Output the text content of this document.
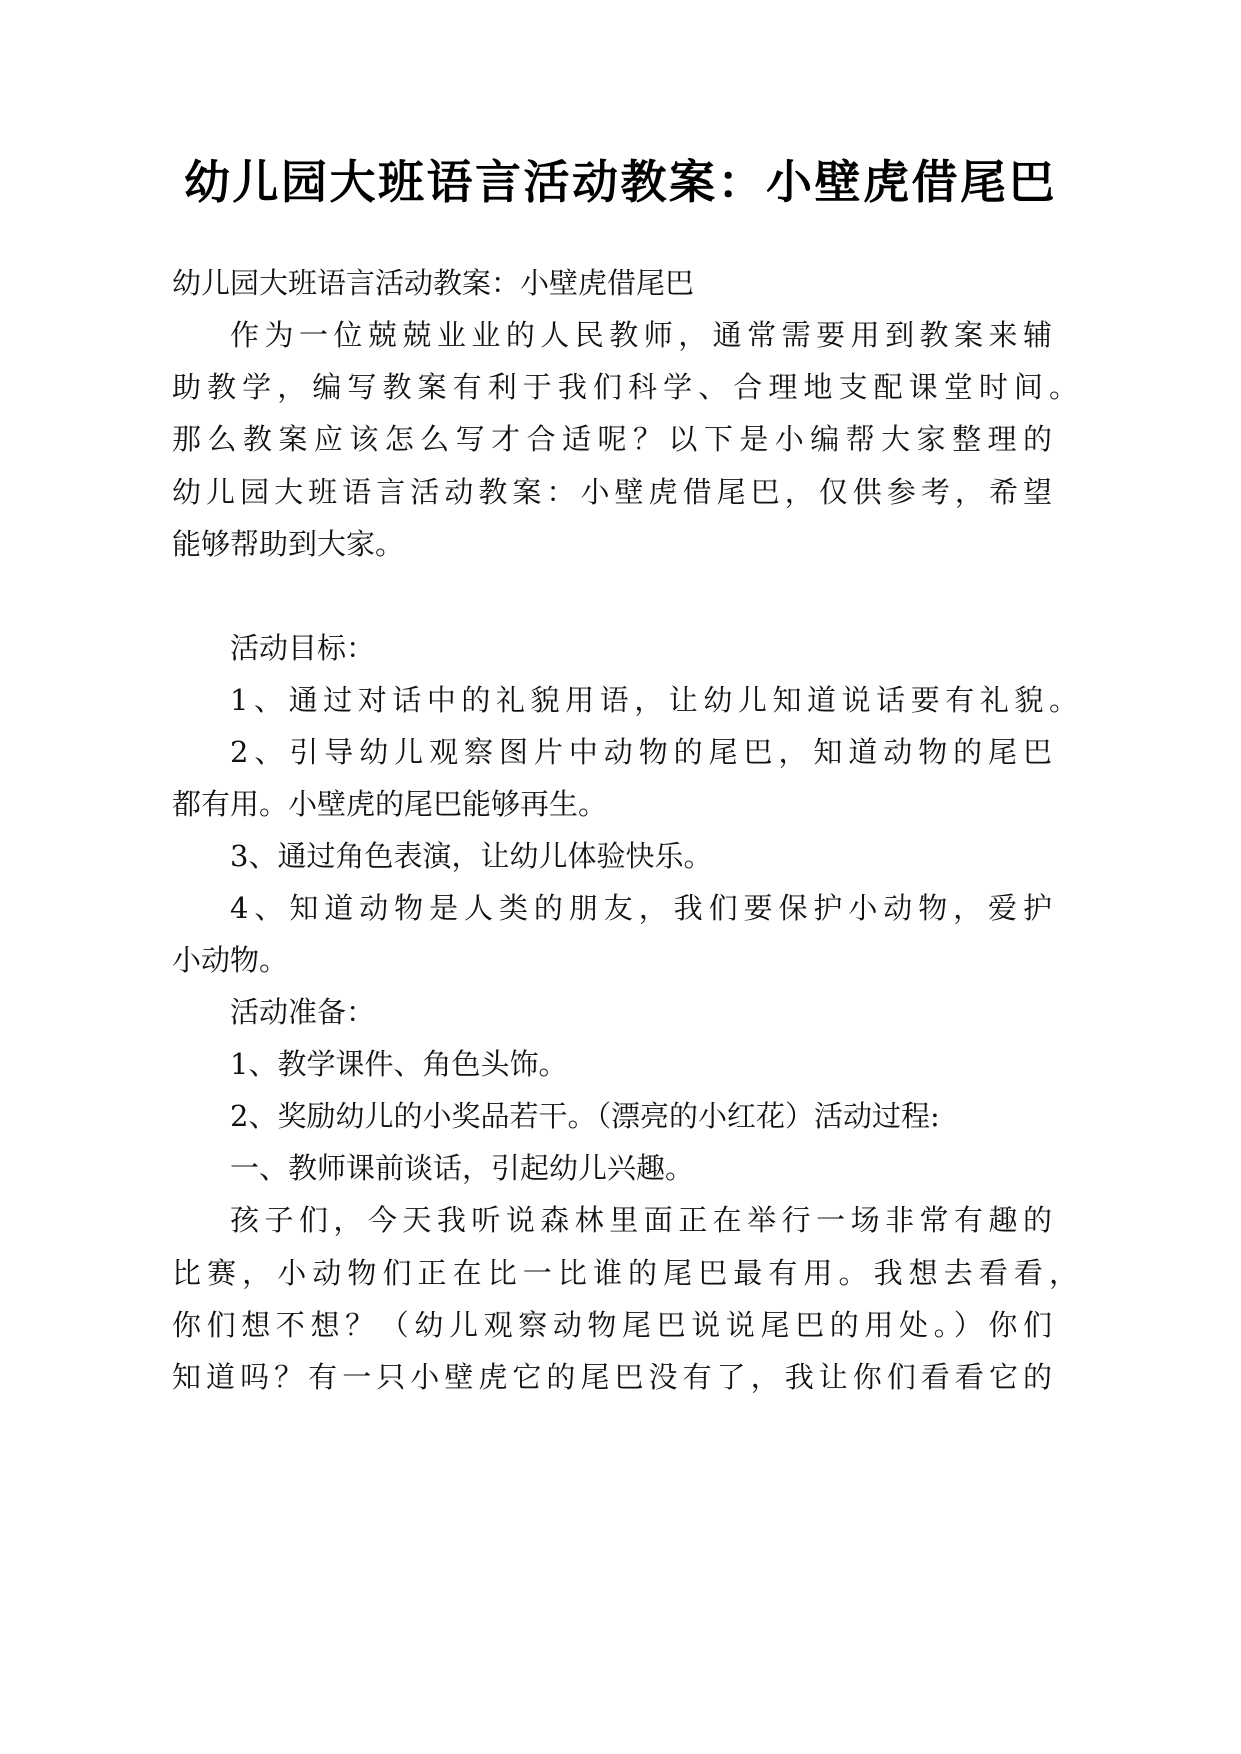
幼儿园大班语言活动教案：小壁虎借尾巴
幼儿园大班语言活动教案：小壁虎借尾巴
作为一位兢兢业业的人民教师，通常需要用到教案来辅
助教学，编写教案有利于我们科学、合理地支配课堂时间。
那么教案应该怎么写才合适呢？以下是小编帮大家整理的
幼儿园大班语言活动教案：小壁虎借尾巴，仅供参考，希望
能够帮助到大家。
活动目标：
1、通过对话中的礼貌用语，让幼儿知道说话要有礼貌。
2、引导幼儿观察图片中动物的尾巴，知道动物的尾巴
都有用。小壁虎的尾巴能够再生。
3、通过角色表演，让幼儿体验快乐。
4、知道动物是人类的朋友，我们要保护小动物，爱护
小动物。
活动准备：
1、教学课件、角色头饰。
2、奖励幼儿的小奖品若干。（漂亮的小红花）活动过程:
一、教师课前谈话，引起幼儿兴趣。
孩子们，今天我听说森林里面正在举行一场非常有趣的
比赛，小动物们正在比一比谁的尾巴最有用。我想去看看，
你们想不想？（幼儿观察动物尾巴说说尾巴的用处。）你们
知道吗？有一只小壁虎它的尾巴没有了，我让你们看看它的
